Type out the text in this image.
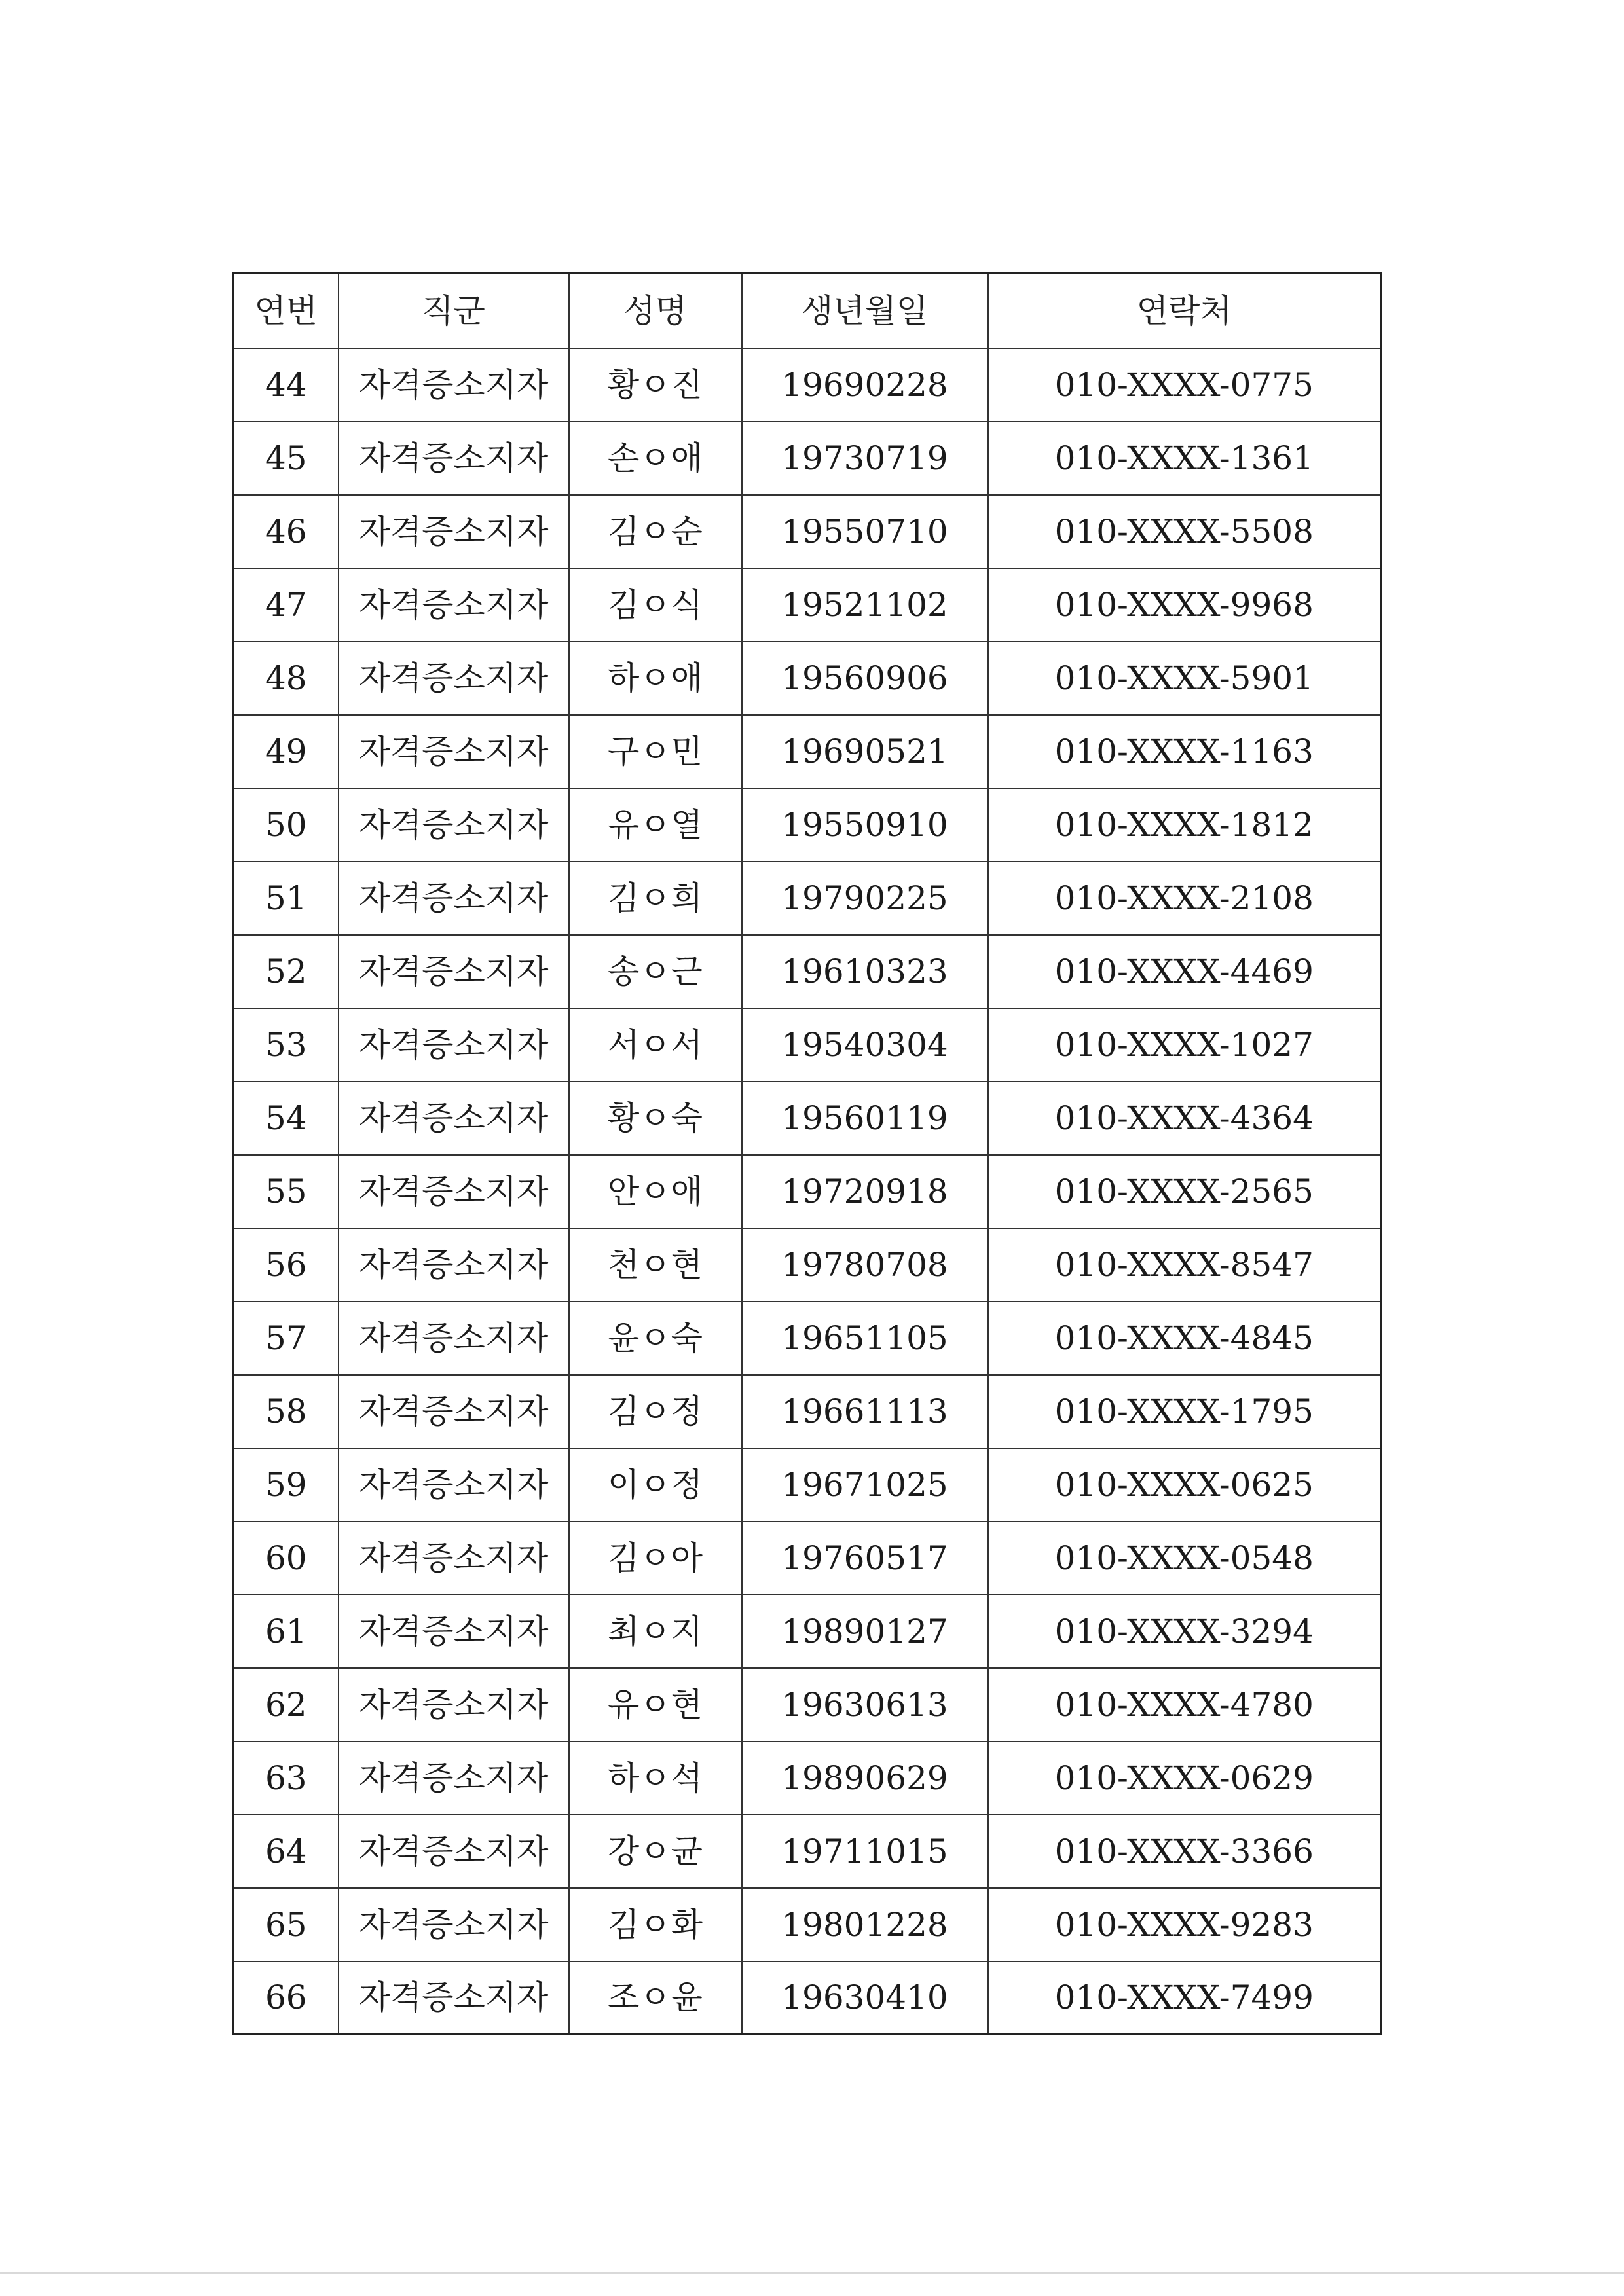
연번	직군	성명	생년월일	연락처
44	자격증소지자	황ㅇ진	19690228	010-XXXX-0775
45	자격증소지자	손ㅇ애	19730719	010-XXXX-1361
46	자격증소지자	김ㅇ순	19550710	010-XXXX-5508
47	자격증소지자	김ㅇ식	19521102	010-XXXX-9968
48	자격증소지자	하ㅇ애	19560906	010-XXXX-5901
49	자격증소지자	구ㅇ민	19690521	010-XXXX-1163
50	자격증소지자	유ㅇ열	19550910	010-XXXX-1812
51	자격증소지자	김ㅇ희	19790225	010-XXXX-2108
52	자격증소지자	송ㅇ근	19610323	010-XXXX-4469
53	자격증소지자	서ㅇ서	19540304	010-XXXX-1027
54	자격증소지자	황ㅇ숙	19560119	010-XXXX-4364
55	자격증소지자	안ㅇ애	19720918	010-XXXX-2565
56	자격증소지자	천ㅇ현	19780708	010-XXXX-8547
57	자격증소지자	윤ㅇ숙	19651105	010-XXXX-4845
58	자격증소지자	김ㅇ정	19661113	010-XXXX-1795
59	자격증소지자	이ㅇ정	19671025	010-XXXX-0625
60	자격증소지자	김ㅇ아	19760517	010-XXXX-0548
61	자격증소지자	최ㅇ지	19890127	010-XXXX-3294
62	자격증소지자	유ㅇ현	19630613	010-XXXX-4780
63	자격증소지자	하ㅇ석	19890629	010-XXXX-0629
64	자격증소지자	강ㅇ균	19711015	010-XXXX-3366
65	자격증소지자	김ㅇ화	19801228	010-XXXX-9283
66	자격증소지자	조ㅇ윤	19630410	010-XXXX-7499
